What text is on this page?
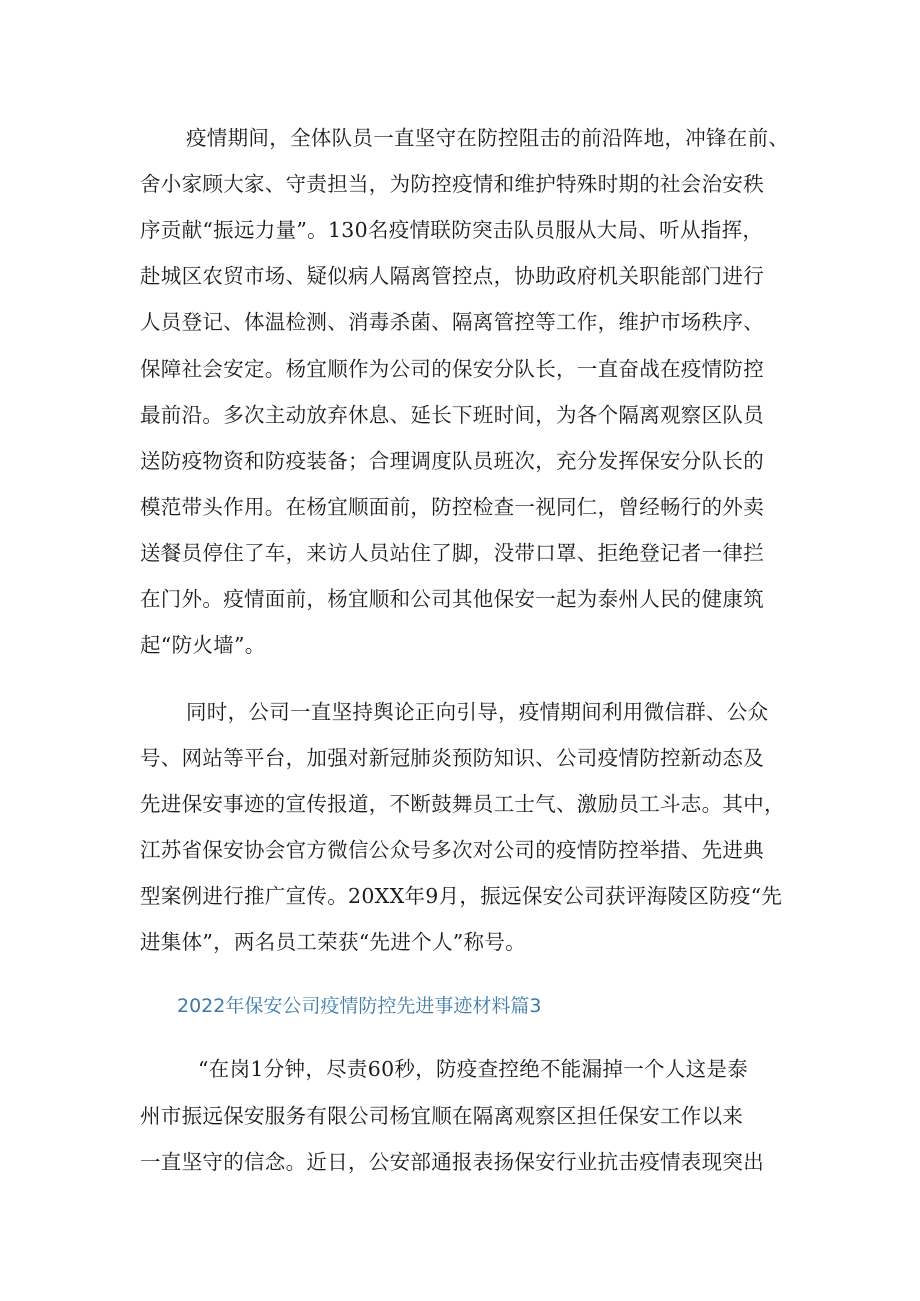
疫情期间，全体队员一直坚守在防控阻击的前沿阵地，冲锋在前、
舍小家顾大家、守责担当，为防控疫情和维护特殊时期的社会治安秩
序贡献“振远力量”。130名疫情联防突击队员服从大局、听从指挥，
赴城区农贸市场、疑似病人隔离管控点，协助政府机关职能部门进行
人员登记、体温检测、消毒杀菌、隔离管控等工作，维护市场秩序、
保障社会安定。杨宜顺作为公司的保安分队长，一直奋战在疫情防控
最前沿。多次主动放弃休息、延长下班时间，为各个隔离观察区队员
送防疫物资和防疫装备；合理调度队员班次，充分发挥保安分队长的
模范带头作用。在杨宜顺面前，防控检查一视同仁，曾经畅行的外卖
送餐员停住了车，来访人员站住了脚，没带口罩、拒绝登记者一律拦
在门外。疫情面前，杨宜顺和公司其他保安一起为泰州人民的健康筑
起“防火墙”。
同时，公司一直坚持舆论正向引导，疫情期间利用微信群、公众
号、网站等平台，加强对新冠肺炎预防知识、公司疫情防控新动态及
先进保安事迹的宣传报道，不断鼓舞员工士气、激励员工斗志。其中，
江苏省保安协会官方微信公众号多次对公司的疫情防控举措、先进典
型案例进行推广宣传。20XX年9月，振远保安公司获评海陵区防疫“先
进集体”，两名员工荣获“先进个人”称号。
2022年保安公司疫情防控先进事迹材料篇3
“在岗1分钟，尽责60秒，防疫查控绝不能漏掉一个人这是泰
州市振远保安服务有限公司杨宜顺在隔离观察区担任保安工作以来
一直坚守的信念。近日，公安部通报表扬保安行业抗击疫情表现突出
